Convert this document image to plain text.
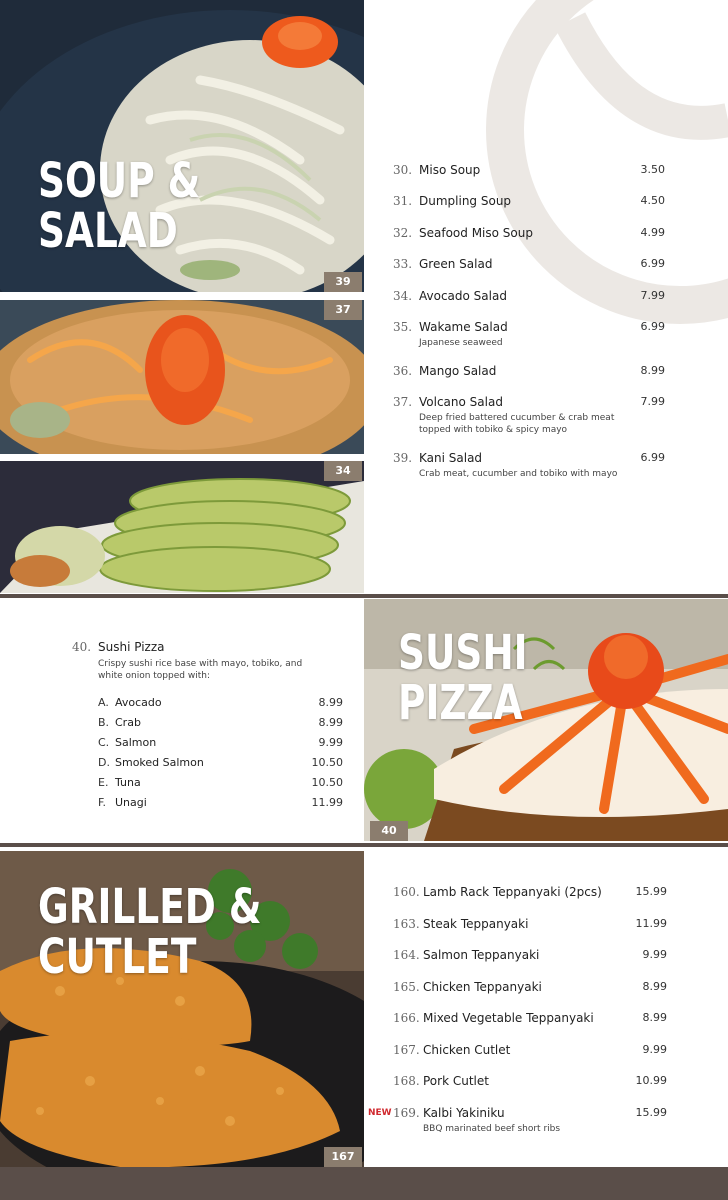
SOUP &
SALAD
39
37
34
30. Miso Soup	3.50
31. Dumpling Soup	4.50
32. Seafood Miso Soup	4.99
33. Green Salad	6.99
34. Avocado Salad	7.99
35. Wakame Salad	6.99
Japanese seaweed
36. Mango Salad	8.99
37. Volcano Salad	7.99
Deep fried battered cucumber & crab meat topped with tobiko & spicy mayo
39. Kani Salad	6.99
Crab meat, cucumber and tobiko with mayo
40. Sushi Pizza
Crispy sushi rice base with mayo, tobiko, and white onion topped with:
A. Avocado	8.99
B. Crab	8.99
C. Salmon	9.99
D. Smoked Salmon	10.50
E. Tuna	10.50
F. Unagi	11.99
SUSHI
PIZZA
40
GRILLED &
CUTLET
167
160. Lamb Rack Teppanyaki (2pcs)	15.99
163. Steak Teppanyaki	11.99
164. Salmon Teppanyaki	9.99
165. Chicken Teppanyaki	8.99
166. Mixed Vegetable Teppanyaki	8.99
167. Chicken Cutlet	9.99
168. Pork Cutlet	10.99
NEW 169. Kalbi Yakiniku	15.99
BBQ marinated beef short ribs
